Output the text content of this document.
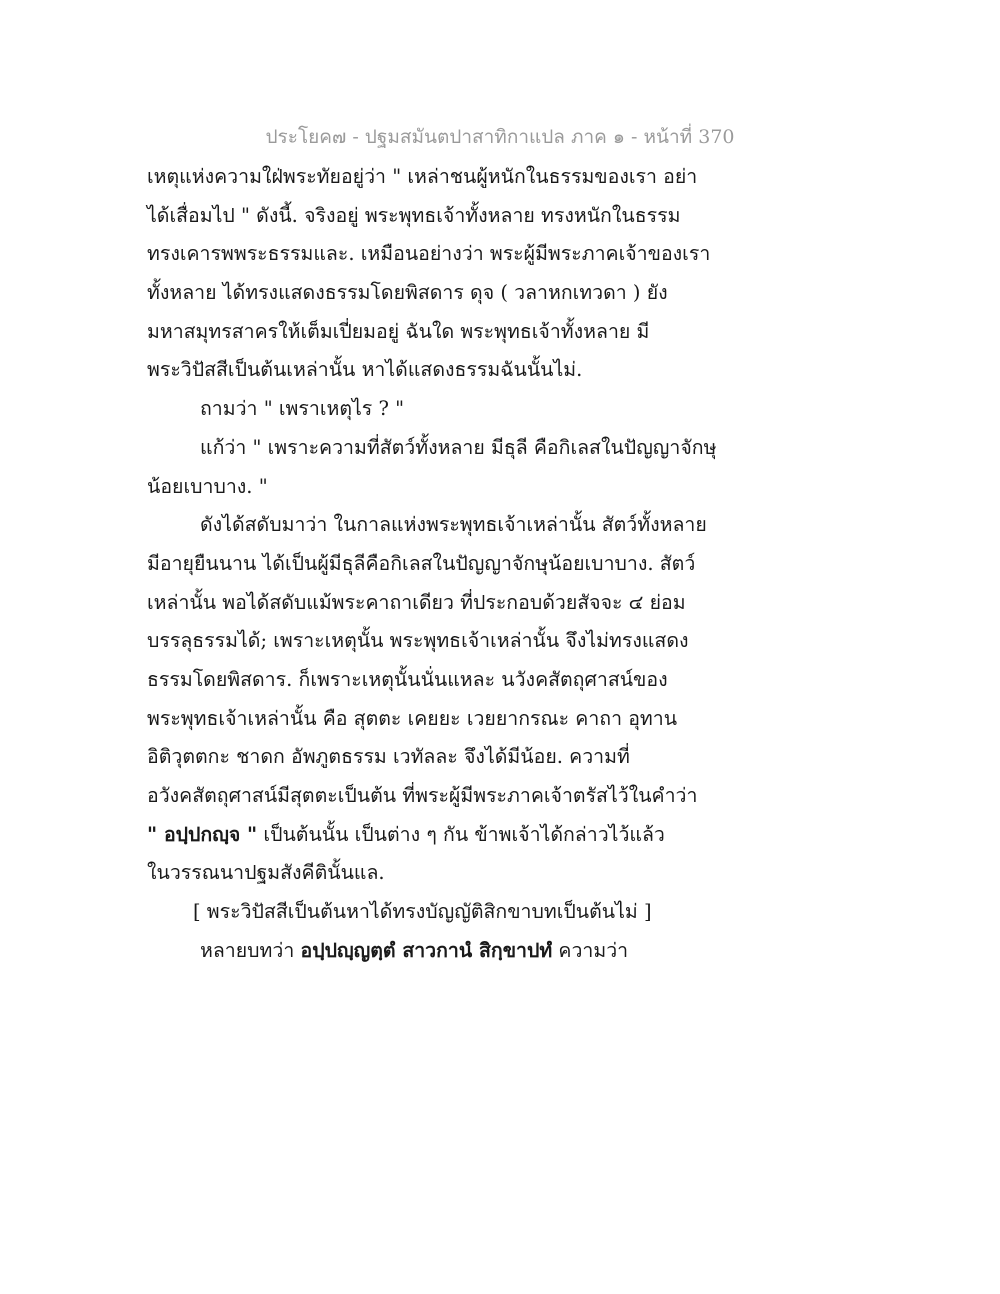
ประโยค๗ - ปฐมสมันตปาสาทิกาแปล ภาค ๑ - หน้าที่ 370
เหตุแห่งความใฝ่พระทัยอยู่ว่า " เหล่าชนผู้หนักในธรรมของเรา อย่า
ได้เสื่อมไป " ดังนี้. จริงอยู่ พระพุทธเจ้าทั้งหลาย ทรงหนักในธรรม
ทรงเคารพพระธรรมและ. เหมือนอย่างว่า พระผู้มีพระภาคเจ้าของเรา
ทั้งหลาย ได้ทรงแสดงธรรมโดยพิสดาร ดุจ ( วลาหกเทวดา ) ยัง
มหาสมุทรสาครให้เต็มเปี่ยมอยู่ ฉันใด พระพุทธเจ้าทั้งหลาย มี
พระวิปัสสีเป็นต้นเหล่านั้น หาได้แสดงธรรมฉันนั้นไม่.
ถามว่า " เพราเหตุไร ? "
แก้ว่า " เพราะความที่สัตว์ทั้งหลาย มีธุลี คือกิเลสในปัญญาจักษุ
น้อยเบาบาง. "
ดังได้สดับมาว่า ในกาลแห่งพระพุทธเจ้าเหล่านั้น สัตว์ทั้งหลาย
มีอายุยืนนาน ได้เป็นผู้มีธุลีคือกิเลสในปัญญาจักษุน้อยเบาบาง. สัตว์
เหล่านั้น พอได้สดับแม้พระคาถาเดียว ที่ประกอบด้วยสัจจะ ๔ ย่อม
บรรลุธรรมได้; เพราะเหตุนั้น พระพุทธเจ้าเหล่านั้น จึงไม่ทรงแสดง
ธรรมโดยพิสดาร. ก็เพราะเหตุนั้นนั่นแหละ นวังคสัตถุศาสน์ของ
พระพุทธเจ้าเหล่านั้น คือ สุตตะ เคยยะ เวยยากรณะ คาถา อุทาน
อิติวุตตกะ ชาดก อัพภูตธรรม เวทัลละ จึงได้มีน้อย. ความที่
อวังคสัตถุศาสน์มีสุตตะเป็นต้น ที่พระผู้มีพระภาคเจ้าตรัสไว้ในคำว่า
" อปฺปกญฺจ " เป็นต้นนั้น เป็นต่าง ๆ กัน ข้าพเจ้าได้กล่าวไว้แล้ว
ในวรรณนาปฐมสังคีตินั้นแล.
[ พระวิปัสสีเป็นต้นหาได้ทรงบัญญัติสิกขาบทเป็นต้นไม่ ]
หลายบทว่า อปฺปญฺญตฺตํ สาวกานํ สิกฺขาปทํ ความว่า
